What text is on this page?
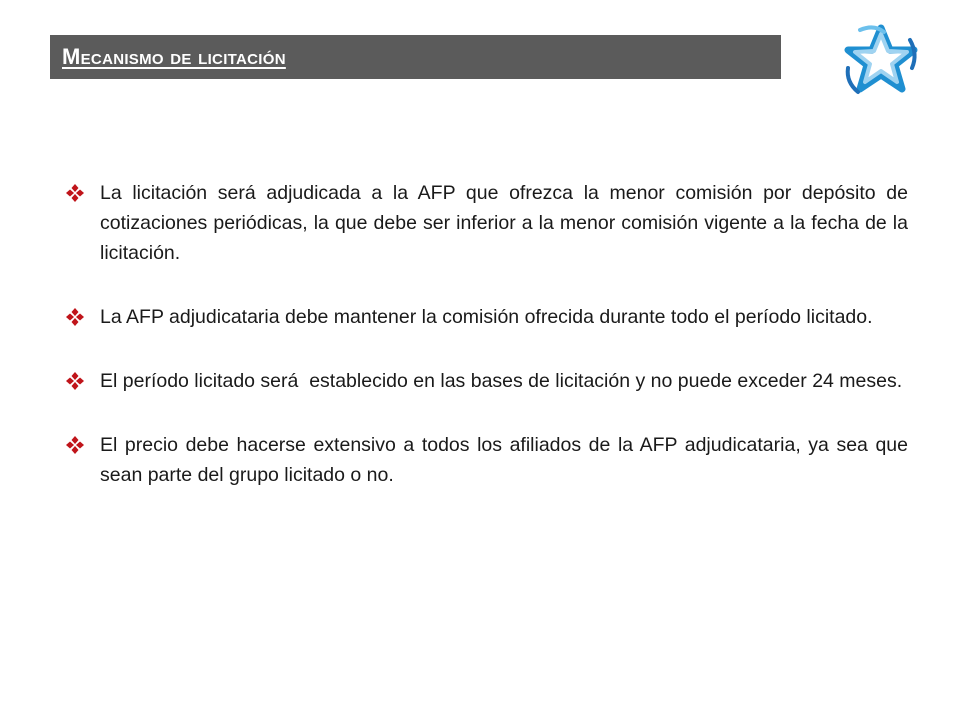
Mecanismo de licitación
La licitación será adjudicada a la AFP que ofrezca la menor comisión por depósito de cotizaciones periódicas, la que debe ser inferior a la menor comisión vigente a la fecha de la licitación.
La AFP adjudicataria debe mantener la comisión ofrecida durante todo el período licitado.
El período licitado será  establecido en las bases de licitación y no puede exceder 24 meses.
El precio debe hacerse extensivo a todos los afiliados de la AFP adjudicataria, ya sea que sean parte del grupo licitado o no.
